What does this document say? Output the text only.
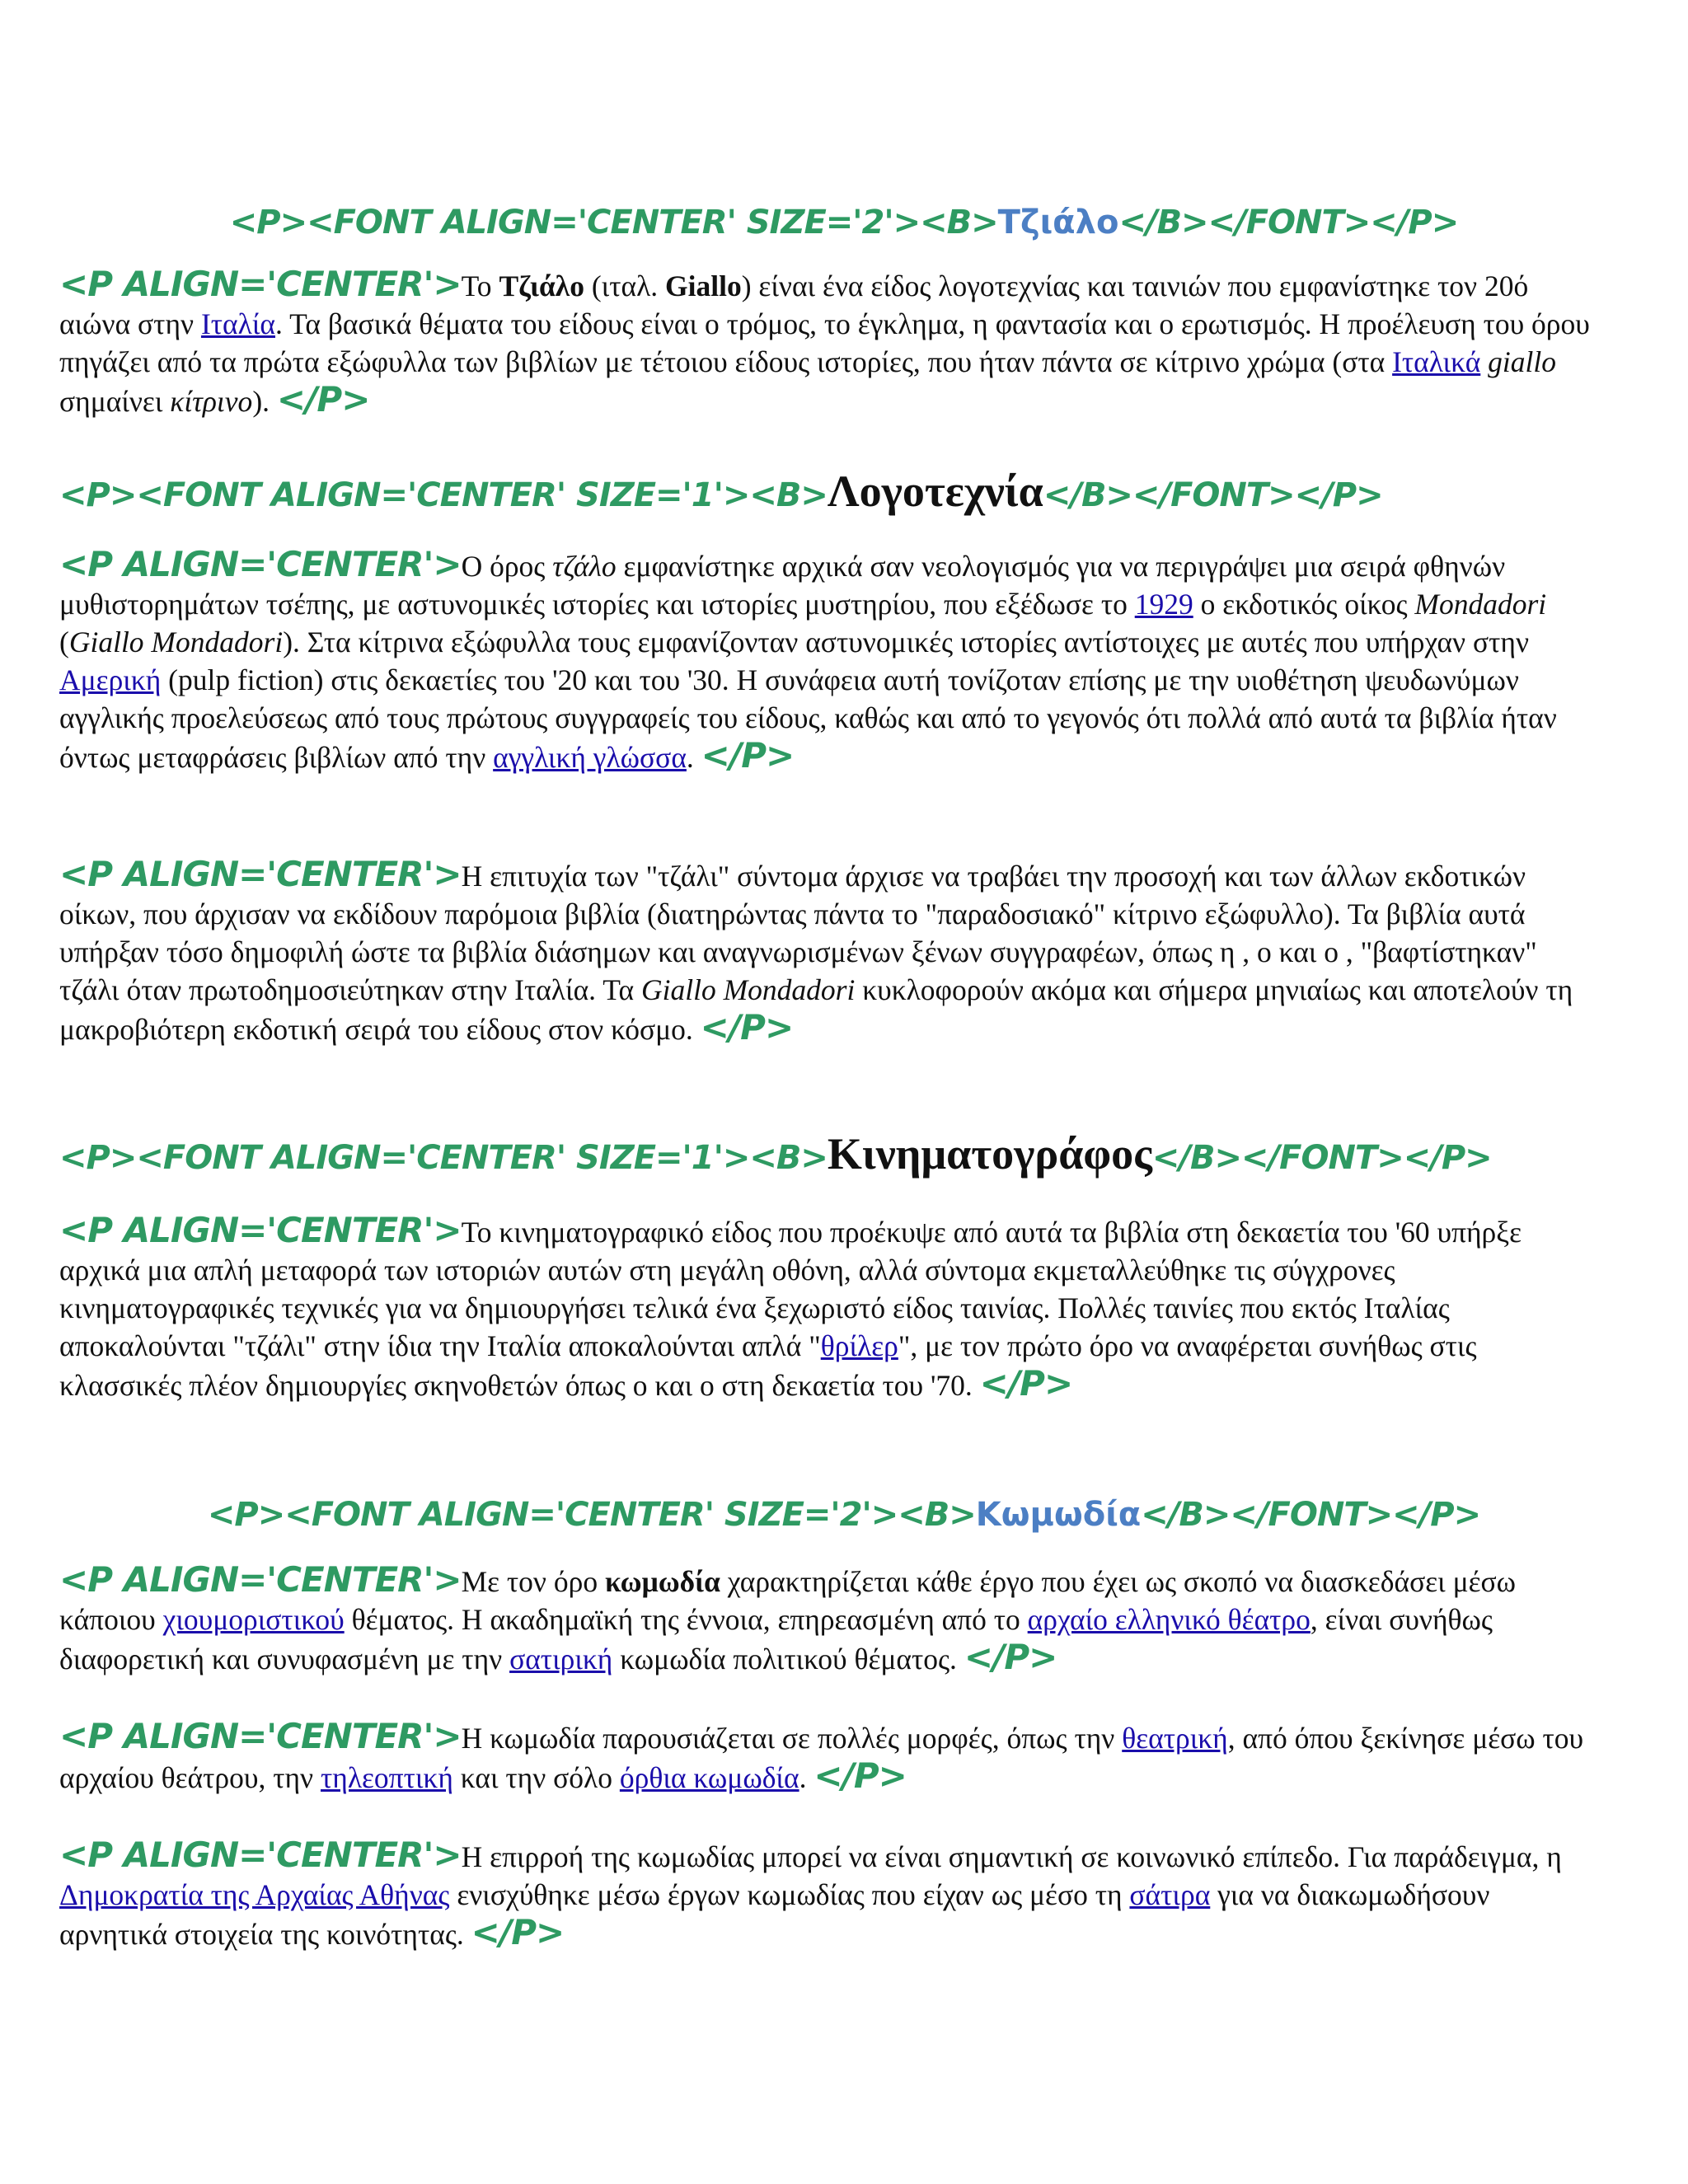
<P><FONT ALIGN='CENTER' SIZE='2'><B>Τζιάλο</B></FONT></P>
<P ALIGN='CENTER'>Το Τζιάλο (ιταλ. Giallo) είναι ένα είδος λογοτεχνίας και ταινιών που εμφανίστηκε τον 20ό αιώνα στην Ιταλία. Τα βασικά θέματα του είδους είναι ο τρόμος, το έγκλημα, η φαντασία και ο ερωτισμός. Η προέλευση του όρου πηγάζει από τα πρώτα εξώφυλλα των βιβλίων με τέτοιου είδους ιστορίες, που ήταν πάντα σε κίτρινο χρώμα (στα Ιταλικά giallo σημαίνει κίτρινο). </P>
<P><FONT ALIGN='CENTER' SIZE='1'><B>Λογοτεχνία</B></FONT></P>
<P ALIGN='CENTER'>Ο όρος τζάλο εμφανίστηκε αρχικά σαν νεολογισμός για να περιγράψει μια σειρά φθηνών μυθιστορημάτων τσέπης, με αστυνομικές ιστορίες και ιστορίες μυστηρίου, που εξέδωσε το 1929 ο εκδοτικός οίκος Mondadori (Giallo Mondadori). Στα κίτρινα εξώφυλλα τους εμφανίζονταν αστυνομικές ιστορίες αντίστοιχες με αυτές που υπήρχαν στην Αμερική (pulp fiction) στις δεκαετίες του '20 και του '30. Η συνάφεια αυτή τονίζοταν επίσης με την υιοθέτηση ψευδωνύμων αγγλικής προελεύσεως από τους πρώτους συγγραφείς του είδους, καθώς και από το γεγονός ότι πολλά από αυτά τα βιβλία ήταν όντως μεταφράσεις βιβλίων από την αγγλική γλώσσα. </P>
<P ALIGN='CENTER'>Η επιτυχία των "τζάλι" σύντομα άρχισε να τραβάει την προσοχή και των άλλων εκδοτικών οίκων, που άρχισαν να εκδίδουν παρόμοια βιβλία (διατηρώντας πάντα το "παραδοσιακό" κίτρινο εξώφυλλο). Τα βιβλία αυτά υπήρξαν τόσο δημοφιλή ώστε τα βιβλία διάσημων και αναγνωρισμένων ξένων συγγραφέων, όπως η , ο και ο , "βαφτίστηκαν" τζάλι όταν πρωτοδημοσιεύτηκαν στην Ιταλία. Τα Giallo Mondadori κυκλοφορούν ακόμα και σήμερα μηνιαίως και αποτελούν τη μακροβιότερη εκδοτική σειρά του είδους στον κόσμο. </P>
<P><FONT ALIGN='CENTER' SIZE='1'><B>Κινηματογράφος</B></FONT></P>
<P ALIGN='CENTER'>Το κινηματογραφικό είδος που προέκυψε από αυτά τα βιβλία στη δεκαετία του '60 υπήρξε αρχικά μια απλή μεταφορά των ιστοριών αυτών στη μεγάλη οθόνη, αλλά σύντομα εκμεταλλεύθηκε τις σύγχρονες κινηματογραφικές τεχνικές για να δημιουργήσει τελικά ένα ξεχωριστό είδος ταινίας. Πολλές ταινίες που εκτός Ιταλίας αποκαλούνται "τζάλι" στην ίδια την Ιταλία αποκαλούνται απλά "θρίλερ", με τον πρώτο όρο να αναφέρεται συνήθως στις κλασσικές πλέον δημιουργίες σκηνοθετών όπως ο και ο στη δεκαετία του '70. </P>
<P><FONT ALIGN='CENTER' SIZE='2'><B>Κωμωδία</B></FONT></P>
<P ALIGN='CENTER'>Με τον όρο κωμωδία χαρακτηρίζεται κάθε έργο που έχει ως σκοπό να διασκεδάσει μέσω κάποιου χιουμοριστικού θέματος. Η ακαδημαϊκή της έννοια, επηρεασμένη από το αρχαίο ελληνικό θέατρο, είναι συνήθως διαφορετική και συνυφασμένη με την σατιρική κωμωδία πολιτικού θέματος. </P>
<P ALIGN='CENTER'>Η κωμωδία παρουσιάζεται σε πολλές μορφές, όπως την θεατρική, από όπου ξεκίνησε μέσω του αρχαίου θεάτρου, την τηλεοπτική και την σόλο όρθια κωμωδία. </P>
<P ALIGN='CENTER'>Η επιρροή της κωμωδίας μπορεί να είναι σημαντική σε κοινωνικό επίπεδο. Για παράδειγμα, η Δημοκρατία της Αρχαίας Αθήνας ενισχύθηκε μέσω έργων κωμωδίας που είχαν ως μέσο τη σάτιρα για να διακωμωδήσουν αρνητικά στοιχεία της κοινότητας. </P>
